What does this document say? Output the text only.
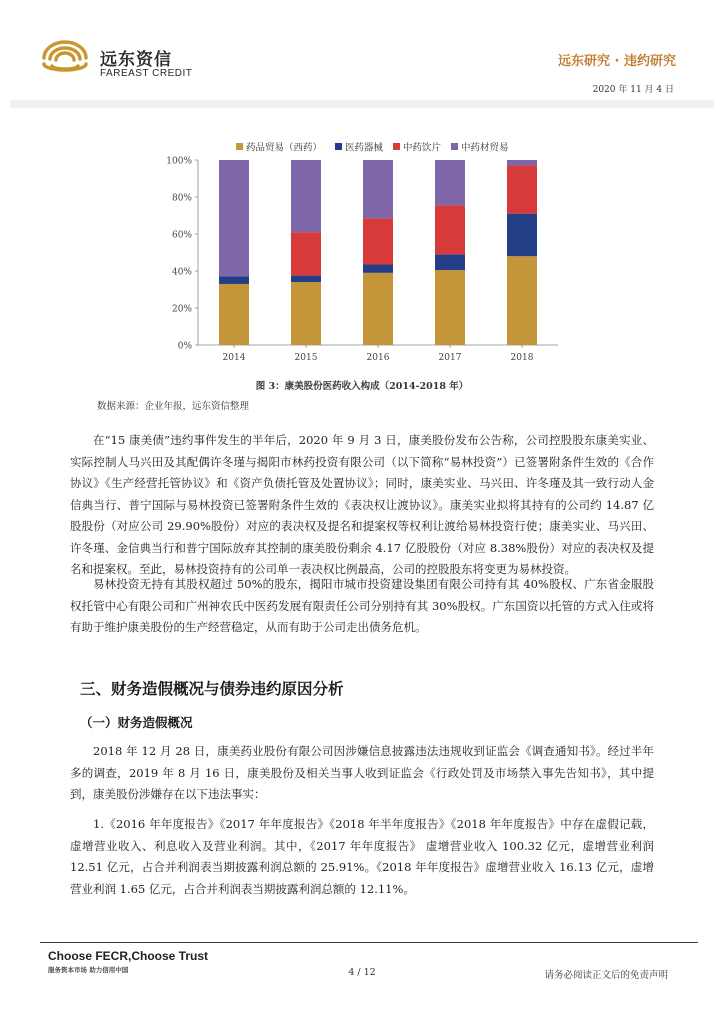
远东资信
FAREAST CREDIT
远东研究 · 违约研究
2020 年 11 月 4 日
0%
20%
40%
60%
80%
100%
2014	2015	2016	2017	2018
药品贸易（西药） 医药器械 中药饮片 中药材贸易
图 3：康美股份医药收入构成（2014-2018 年）
数据来源：企业年报，远东资信整理
在“15 康美债”违约事件发生的半年后，2020 年 9 月 3 日，康美股份发布公告称，公司控股股东康美实业、实际控制人马兴田及其配偶许冬瑾与揭阳市林药投资有限公司（以下简称“易林投资”）已签署附条件生效的《合作协议》《生产经营托管协议》和《资产负债托管及处置协议》；同时，康美实业、马兴田、许冬瑾及其一致行动人金信典当行、普宁国际与易林投资已签署附条件生效的《表决权让渡协议》。康美实业拟将其持有的公司约 14.87 亿股股份（对应公司 29.90%股份）对应的表决权及提名和提案权等权利让渡给易林投资行使；康美实业、马兴田、许冬瑾、金信典当行和普宁国际放弃其控制的康美股份剩余 4.17 亿股股份（对应 8.38%股份）对应的表决权及提名和提案权。至此，易林投资持有的公司单一表决权比例最高，公司的控股股东将变更为易林投资。
易林投资无持有其股权超过 50%的股东，揭阳市城市投资建设集团有限公司持有其 40%股权、广东省金服股权托管中心有限公司和广州神农氏中医药发展有限责任公司分别持有其 30%股权。广东国资以托管的方式入住或将有助于维护康美股份的生产经营稳定，从而有助于公司走出债务危机。
三、财务造假概况与债券违约原因分析
（一）财务造假概况
2018 年 12 月 28 日，康美药业股份有限公司因涉嫌信息披露违法违规收到证监会《调查通知书》。经过半年多的调查，2019 年 8 月 16 日，康美股份及相关当事人收到证监会《行政处罚及市场禁入事先告知书》，其中提到，康美股份涉嫌存在以下违法事实：
1.《2016 年年度报告》《2017 年年度报告》《2018 年半年度报告》《2018 年年度报告》中存在虚假记载，虚增营业收入、利息收入及营业利润。其中，《2017 年年度报告》 虚增营业收入 100.32 亿元，虚增营业利润 12.51 亿元，占合并利润表当期披露利润总额的 25.91%。《2018 年年度报告》虚增营业收入 16.13 亿元，虚增营业利润 1.65 亿元，占合并利润表当期披露利润总额的 12.11%。
Choose FECR,Choose Trust
服务资本市场 助力信用中国	4 / 12	请务必阅读正文后的免责声明
